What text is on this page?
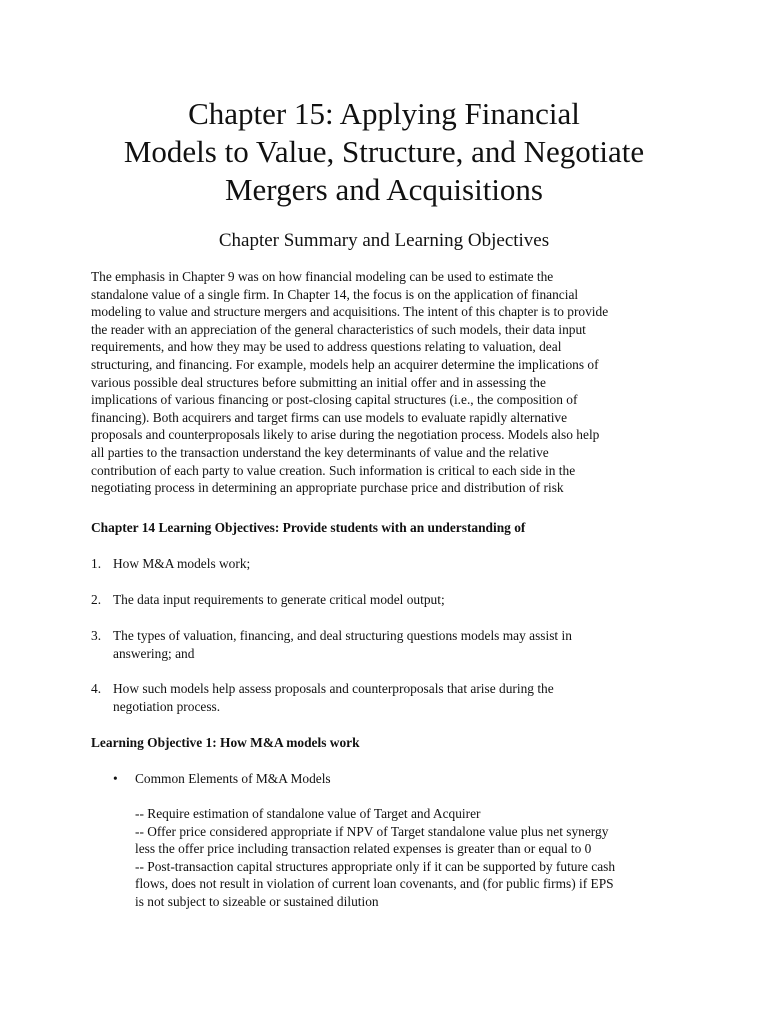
Chapter 15: Applying Financial
Models to Value, Structure, and Negotiate
Mergers and Acquisitions
Chapter Summary and Learning Objectives
The emphasis in Chapter 9 was on how financial modeling can be used to estimate the
standalone value of a single firm. In Chapter 14, the focus is on the application of financial
modeling to value and structure mergers and acquisitions. The intent of this chapter is to provide
the reader with an appreciation of the general characteristics of such models, their data input
requirements, and how they may be used to address questions relating to valuation, deal
structuring, and financing. For example, models help an acquirer determine the implications of
various possible deal structures before submitting an initial offer and in assessing the
implications of various financing or post-closing capital structures (i.e., the composition of
financing). Both acquirers and target firms can use models to evaluate rapidly alternative
proposals and counterproposals likely to arise during the negotiation process. Models also help
all parties to the transaction understand the key determinants of value and the relative
contribution of each party to value creation. Such information is critical to each side in the
negotiating process in determining an appropriate purchase price and distribution of risk
Chapter 14 Learning Objectives: Provide students with an understanding of
1. How M&A models work;
2. The data input requirements to generate critical model output;
3. The types of valuation, financing, and deal structuring questions models may assist in
answering; and
4. How such models help assess proposals and counterproposals that arise during the
negotiation process.
Learning Objective 1: How M&A models work
• Common Elements of M&A Models
-- Require estimation of standalone value of Target and Acquirer
-- Offer price considered appropriate if NPV of Target standalone value plus net synergy
less the offer price including transaction related expenses is greater than or equal to 0
-- Post-transaction capital structures appropriate only if it can be supported by future cash
flows, does not result in violation of current loan covenants, and (for public firms) if EPS
is not subject to sizeable or sustained dilution
